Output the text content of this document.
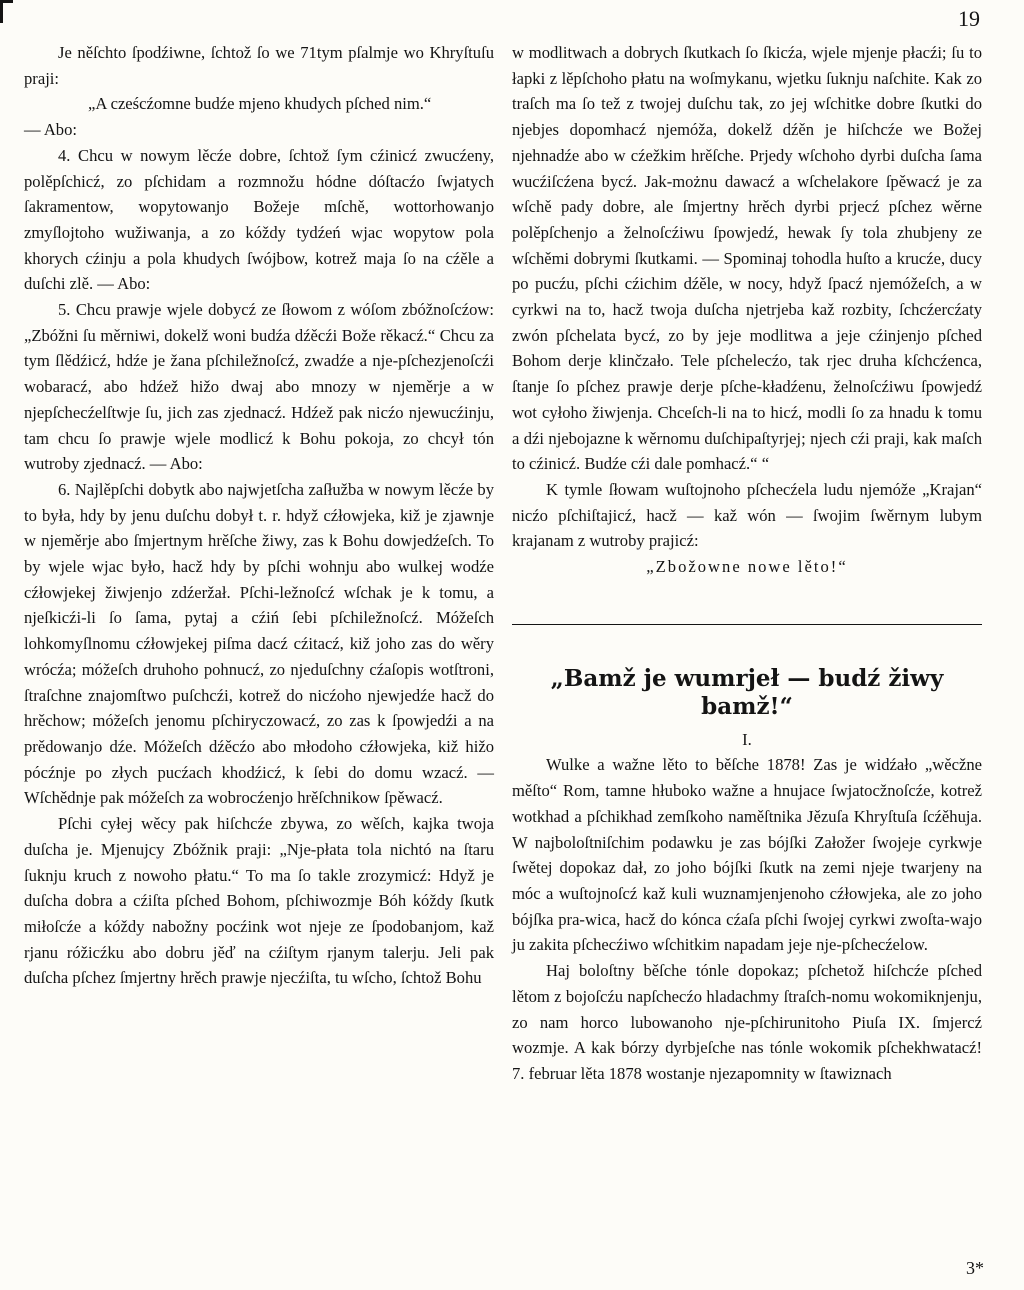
19

Je něſchto ſpodźiwne, ſchtož ſo we 71tym pſalmje wo Khryſtuſu praji:

„A cześcźomne budźe mjeno khudych pſched nim.“

— Abo:

4. Chcu w nowym lěcźe dobre, ſchtož ſym cźinicź zwucźeny, polěpſchicź, zo pſchidam a rozmnožu hódne dóſtacźo ſwjatych ſakramentow, wopytowanjo Božeje mſchě, wottorhowanjo zmyſlojtoho wužiwanja, a zo kóždy tydźeń wjac wopytow pola khorych cźinju a pola khudych ſwójbow, kotrež maja ſo na cźěle a duſchi zlě. — Abo:

5. Chcu prawje wjele dobycź ze ſłowom z wóſom zbóžnoſcźow: „Zbóžni ſu měrniwi, dokelž woni budźa dźěcźi Bože rěkacź.“ Chcu za tym ſlědźicź, hdźe je žana pſchiležnoſcź, zwadźe a nje-pſchezjenoſcźi wobaracź, abo hdźež hižo dwaj abo mnozy w njeměrje a w njepſchecźelſtwje ſu, jich zas zjednacź. Hdźež pak nicźo njewucźinju, tam chcu ſo prawje wjele modlicź k Bohu pokoja, zo chcył tón wutroby zjednacź. — Abo:

6. Najlěpſchi dobytk abo najwjetſcha zaſłužba w nowym lěcźe by to była, hdy by jenu duſchu dobył t. r. hdyž cźłowjeka, kiž je zjawnje w njeměrje abo ſmjertnym hrěſche žiwy, zas k Bohu dowjedźeſch. To by wjele wjac było, hacž hdy by pſchi wohnju abo wulkej wodźe cźłowjekej žiwjenjo zdźeržał. Pſchi-ležnoſcź wſchak je k tomu, a njeſkicźi-li ſo ſama, pytaj a cźiń ſebi pſchiležnoſcź. Móžeſch lohkomyſlnomu cźłowjekej piſma dacź cźitacź, kiž joho zas do wěry wrócźa; móžeſch druhoho pohnucź, zo njeduſchny cźaſopis wotſtroni, ſtraſchne znajomſtwo puſchcźi, kotrež do nicźoho njewjedźe hacž do hrěchow; móžeſch jenomu pſchiryczowacź, zo zas k ſpowjedźi a na prědowanjo dźe. Móžeſch dźěcźo abo młodoho cźłowjeka, kiž hižo pócźnje po złych pucźach khodźicź, k ſebi do domu wzacź. — Wſchědnje pak móžeſch za wobrocźenjo hrěſchnikow ſpěwacź.

Pſchi cyłej wěcy pak hiſchcźe zbywa, zo wěſch, kajka twoja duſcha je. Mjenujcy Zbóžnik praji: „Nje-płata tola nichtó na ſtaru ſuknju kruch z nowoho płatu.“ To ma ſo takle zrozymicź: Hdyž je duſcha dobra a cźiſta pſched Bohom, pſchiwozmje Bóh kóždy ſkutk miłoſcźe a kóždy nabožny pocźink wot njeje ze ſpodobanjom, kaž rjanu róžicźku abo dobru jěď na cźiſtym rjanym talerju. Jeli pak duſcha pſchez ſmjertny hrěch prawje njecźiſta, tu wſcho, ſchtož Bohu

w modlitwach a dobrych ſkutkach ſo ſkicźa, wjele mjenje płacźi; ſu to łapki z lěpſchoho płatu na woſmykanu, wjetku ſuknju naſchite. Kak zo traſch ma ſo tež z twojej duſchu tak, zo jej wſchitke dobre ſkutki do njebjes dopomhacź njemóža, dokelž dźěn je hiſchcźe we Božej njehnadźe abo w cźežkim hrěſche. Prjedy wſchoho dyrbi duſcha ſama wucźiſcźena bycź. Jak-możnu dawacź a wſchelakore ſpěwacź je za wſchě pady dobre, ale ſmjertny hrěch dyrbi prjecź pſchez wěrne polěpſchenjo a želnoſcźiwu ſpowjedź, hewak ſy tola zhubjeny ze wſchěmi dobrymi ſkutkami. — Spominaj tohodla huſto a krucźe, ducy po pucźu, pſchi cźichim dźěle, w nocy, hdyž ſpacź njemóžeſch, a w cyrkwi na to, hacž twoja duſcha njetrjeba kaž rozbity, ſchcźercźaty zwón pſchelata bycź, zo by jeje modlitwa a jeje cźinjenjo pſched Bohom derje klinčzało. Tele pſchelecźo, tak rjec druha kſchcźenca, ſtanje ſo pſchez prawje derje pſche-kładźenu, želnoſcźiwu ſpowjedź wot cyłoho žiwjenja. Chceſch-li na to hicź, modli ſo za hnadu k tomu a dźi njebojazne k wěrnomu duſchipaſtyrjej; njech cźi praji, kak maſch to cźinicź. Budźe cźi dale pomhacź.“ “

K tymle ſłowam wuſtojnoho pſchecźela ludu njemóže „Krajan“ nicźo pſchiſtajicź, hacž — kaž wón — ſwojim ſwěrnym lubym krajanam z wutroby prajicź:

„Zbožowne nowe lěto!“

„Bamž je wumrjeł — budź žiwy bamž!“

I.

Wulke a wažne lěto to běſche 1878! Zas je widźało „wěcžne měſto“ Rom, tamne hłuboko wažne a hnujace ſwjatocžnoſcźe, kotrež wotkhad a pſchikhad zemſkoho naměſtnika Jězuſa Khryſtuſa ſcźěhuja. W najboloſtniſchim podawku je zas bójſki Załožer ſwojeje cyrkwje ſwětej dopokaz dał, zo joho bójſki ſkutk na zemi njeje twarjeny na móc a wuſtojnoſcź kaž kuli wuznamjenjenoho cźłowjeka, ale zo joho bójſka pra-wica, hacž do kónca cźaſa pſchi ſwojej cyrkwi zwoſta-wajo ju zakita pſchecźiwo wſchitkim napadam jeje nje-pſchecźelow.

Haj boloſtny běſche tónle dopokaz; pſchetož hiſchcźe pſched lětom z bojoſcźu napſchecźo hladachmy ſtraſch-nomu wokomiknjenju, zo nam horco lubowanoho nje-pſchirunitoho Piuſa IX. ſmjercź wozmje. A kak bórzy dyrbjeſche nas tónle wokomik pſchekhwatacź! 7. februar lěta 1878 wostanje njezapomnity w ſtawiznach

3*
